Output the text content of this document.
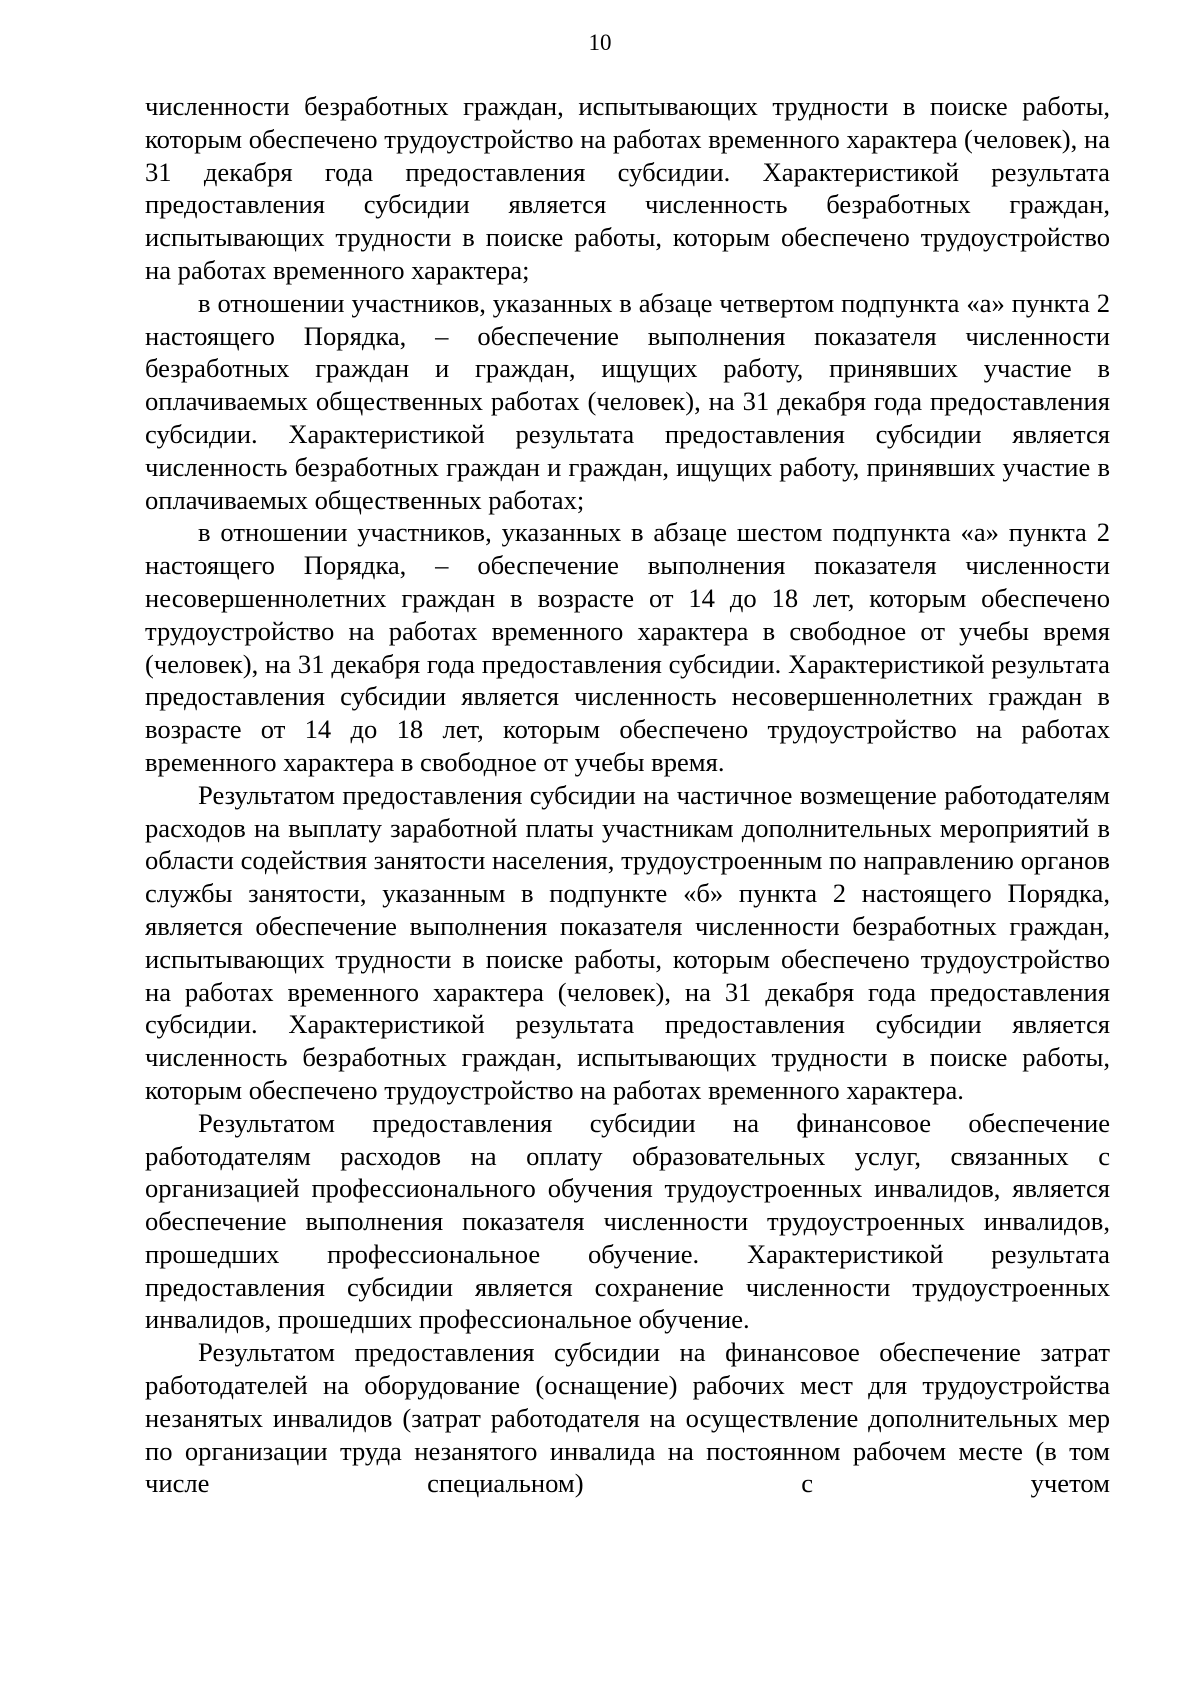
10

численности безработных граждан, испытывающих трудности в поиске работы, которым обеспечено трудоустройство на работах временного характера (человек), на 31 декабря года предоставления субсидии. Характеристикой результата предоставления субсидии является численность безработных граждан, испытывающих трудности в поиске работы, которым обеспечено трудоустройство на работах временного характера;

в отношении участников, указанных в абзаце четвертом подпункта «а» пункта 2 настоящего Порядка, – обеспечение выполнения показателя численности безработных граждан и граждан, ищущих работу, принявших участие в оплачиваемых общественных работах (человек), на 31 декабря года предоставления субсидии. Характеристикой результата предоставления субсидии является численность безработных граждан и граждан, ищущих работу, принявших участие в оплачиваемых общественных работах;

в отношении участников, указанных в абзаце шестом подпункта «а» пункта 2 настоящего Порядка, – обеспечение выполнения показателя численности несовершеннолетних граждан в возрасте от 14 до 18 лет, которым обеспечено трудоустройство на работах временного характера в свободное от учебы время (человек), на 31 декабря года предоставления субсидии. Характеристикой результата предоставления субсидии является численность несовершеннолетних граждан в возрасте от 14 до 18 лет, которым обеспечено трудоустройство на работах временного характера в свободное от учебы время.

Результатом предоставления субсидии на частичное возмещение работодателям расходов на выплату заработной платы участникам дополнительных мероприятий в области содействия занятости населения, трудоустроенным по направлению органов службы занятости, указанным в подпункте «б» пункта 2 настоящего Порядка, является обеспечение выполнения показателя численности безработных граждан, испытывающих трудности в поиске работы, которым обеспечено трудоустройство на работах временного характера (человек), на 31 декабря года предоставления субсидии. Характеристикой результата предоставления субсидии является численность безработных граждан, испытывающих трудности в поиске работы, которым обеспечено трудоустройство на работах временного характера.

Результатом предоставления субсидии на финансовое обеспечение работодателям расходов на оплату образовательных услуг, связанных с организацией профессионального обучения трудоустроенных инвалидов, является обеспечение выполнения показателя численности трудоустроенных инвалидов, прошедших профессиональное обучение. Характеристикой результата предоставления субсидии является сохранение численности трудоустроенных инвалидов, прошедших профессиональное обучение.

Результатом предоставления субсидии на финансовое обеспечение затрат работодателей на оборудование (оснащение) рабочих мест для трудоустройства незанятых инвалидов (затрат работодателя на осуществление дополнительных мер по организации труда незанятого инвалида на постоянном рабочем месте (в том числе специальном) с учетом
